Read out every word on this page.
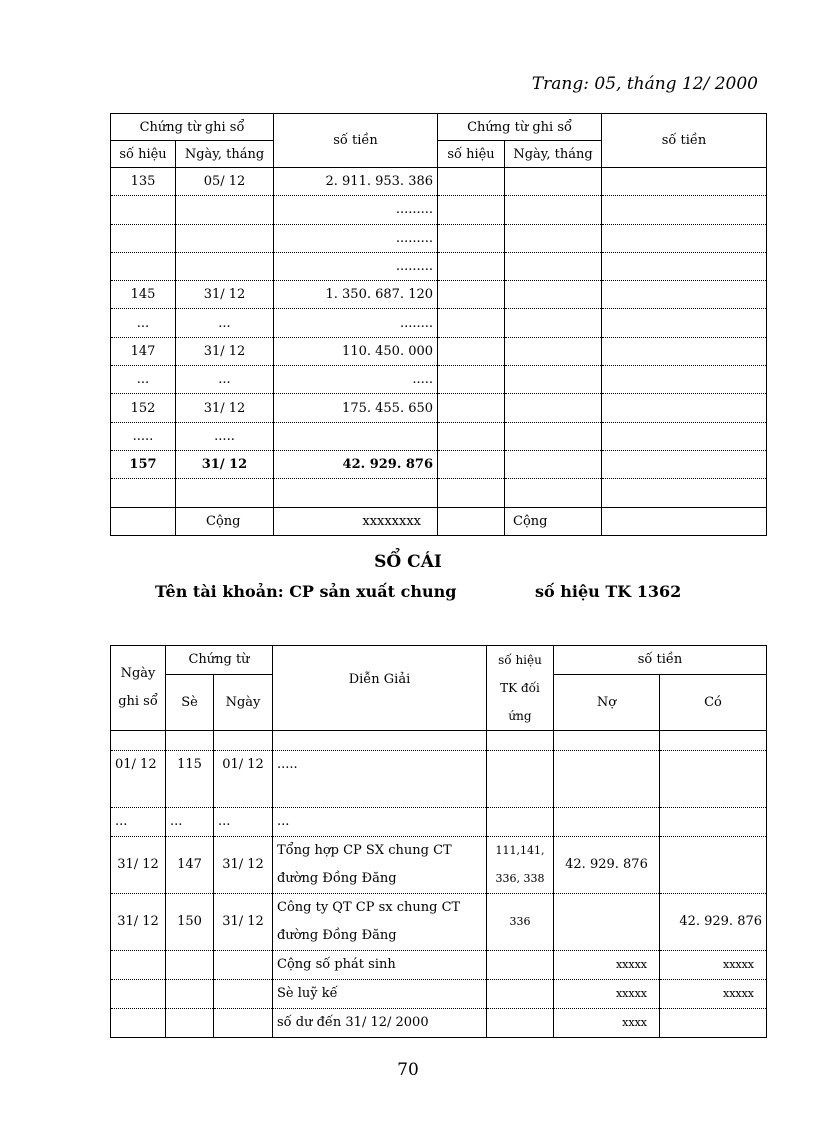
Trang: 05, tháng 12/ 2000
Chứng từ ghi sổ		số tiền	Chứng từ ghi sổ		số tiền
số hiệu	Ngày, tháng		số hiệu	Ngày, tháng	
135	05/ 12	2. 911. 953. 386			
		.........			
		.........			
		.........			
145	31/ 12	1. 350. 687. 120			
...	...	........			
147	31/ 12	110. 450. 000			
...	...	.....			
152	31/ 12	175. 455. 650			
.....	.....				
157	31/ 12	42. 929. 876			

	Cộng	xxxxxxxx		Cộng	
SỔ CÁI
Tên tài khoản: CP sản xuất chung	số hiệu TK 1362
Ngày ghi sổ	Chứng từ		Diễn Giải	số hiệu TK đối ứng	số tiền	
	Sè	Ngày			Nợ	Có

01/ 12	115	01/ 12	.....			
...	...	...	...			
31/ 12	147	31/ 12	Tổng hợp CP SX chung CT đường Đồng Đăng	111,141, 336, 338	42. 929. 876	
31/ 12	150	31/ 12	Công ty QT CP sx chung CT đường Đồng Đăng	336		42. 929. 876
			Cộng số phát sinh		xxxxx	xxxxx
			Sè luỹ kế		xxxxx	xxxxx
			số dư đến 31/ 12/ 2000		xxxx	
70
